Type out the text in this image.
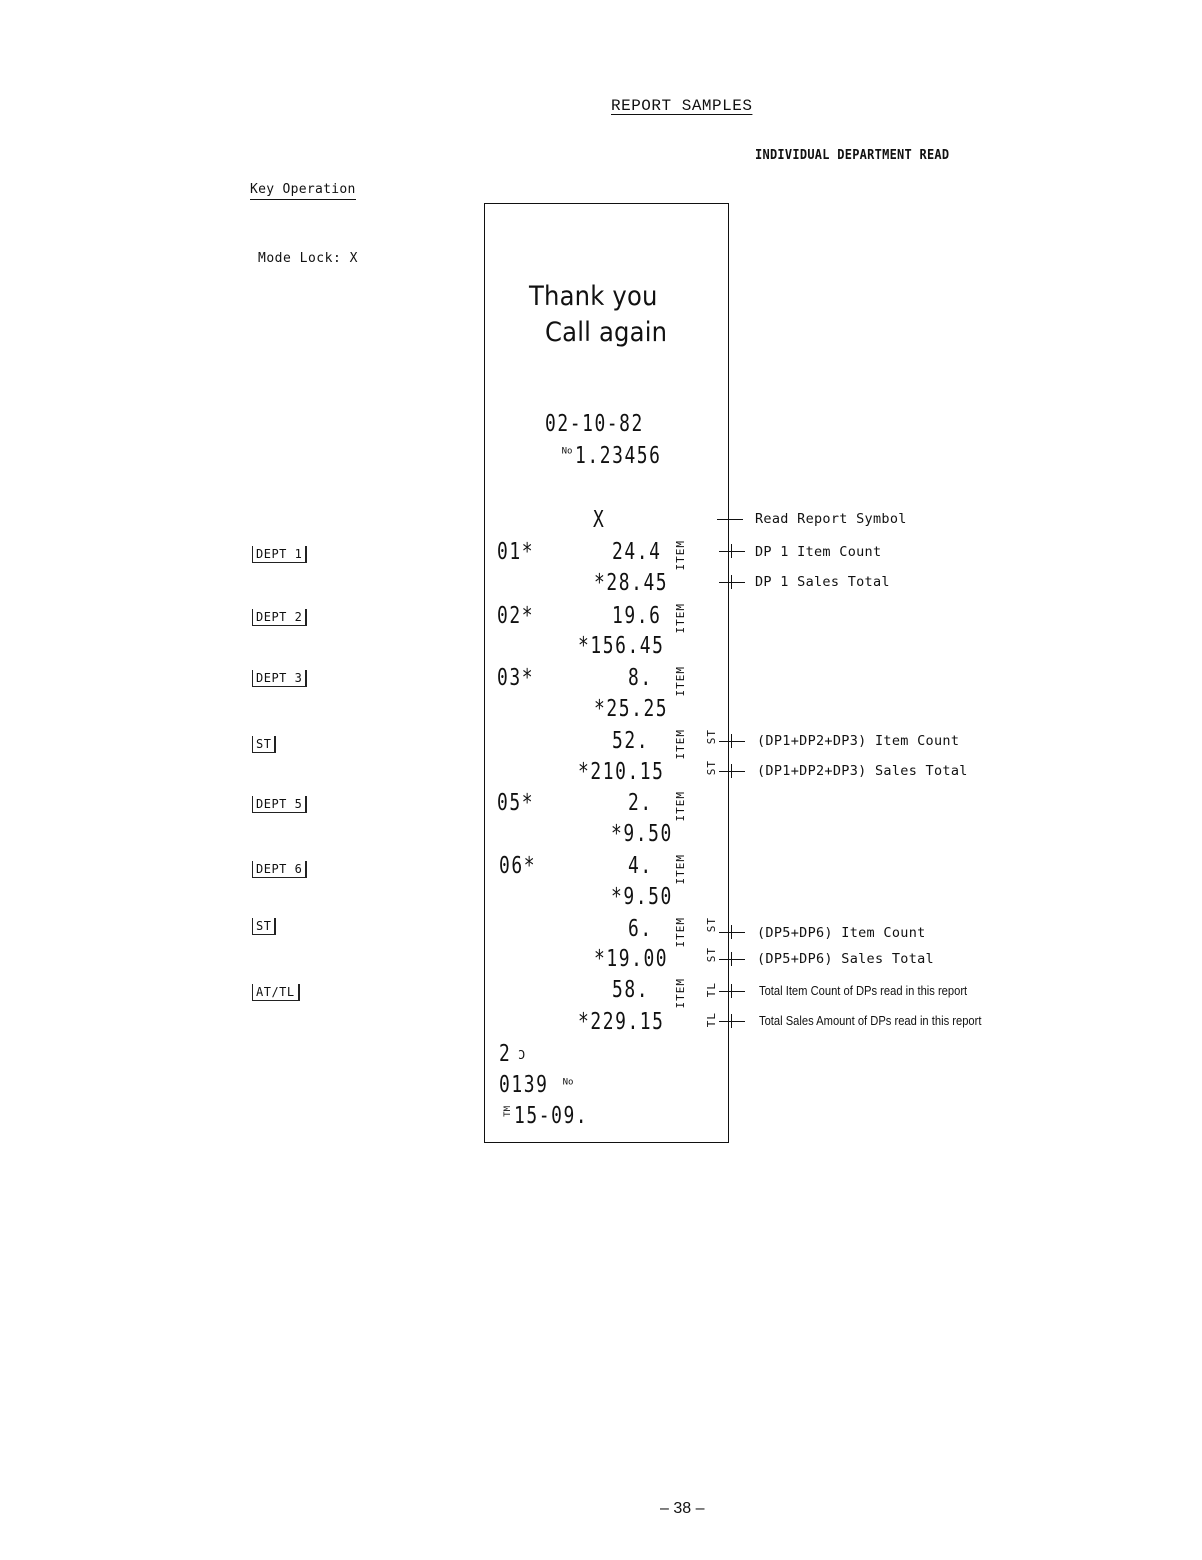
REPORT SAMPLES
INDIVIDUAL DEPARTMENT READ
Key Operation
Mode Lock: X
DEPT 1
DEPT 2
DEPT 3
ST
DEPT 5
DEPT 6
ST
AT/TL
Thank you
Call again
02-10-82
No 1.23456
X
01*	24.4 ITEM
*28.45
02*	19.6 ITEM
*156.45
03*	8. ITEM
*25.25
52. ITEM ST
*210.15	ST
05*	2. ITEM
*9.50
06*	4. ITEM
*9.50
6. ITEM ST
*19.00	ST
58. ITEM TL
*229.15	TL
2 C
0139 No
TM 15-09.
Read Report Symbol
DP 1 Item Count
DP 1 Sales Total
(DP1+DP2+DP3) Item Count
(DP1+DP2+DP3) Sales Total
(DP5+DP6) Item Count
(DP5+DP6) Sales Total
Total Item Count of DPs read in this report
Total Sales Amount of DPs read in this report
– 38 –
